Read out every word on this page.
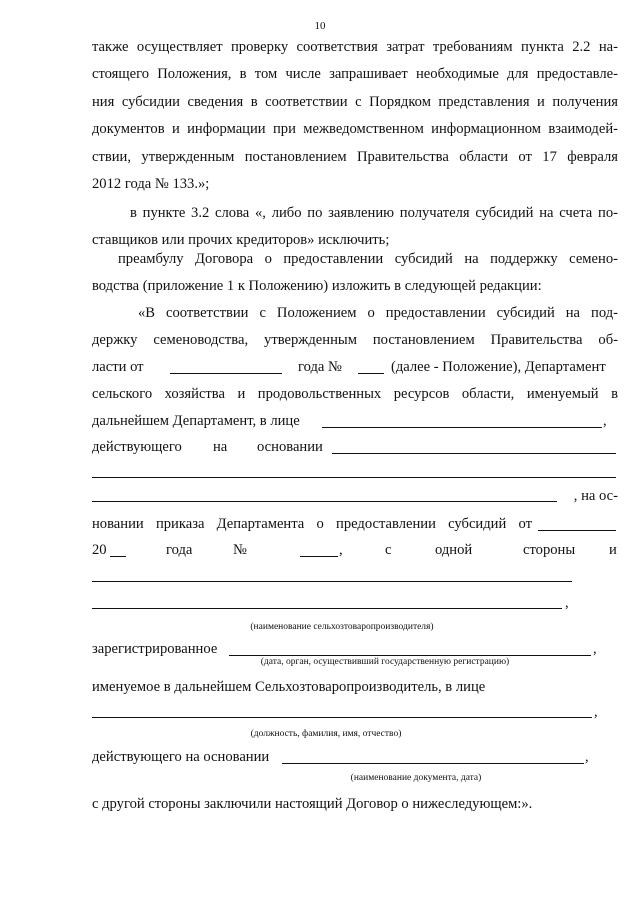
10
также осуществляет проверку соответствия затрат требованиям пункта 2.2 на-
стоящего Положения, в том числе запрашивает необходимые для предоставле-
ния субсидии сведения в соответствии с Порядком представления и получения
документов и информации при межведомственном информационном взаимодей-
ствии, утвержденным постановлением Правительства области от 17 февраля
2012 года № 133.»;
в пункте 3.2 слова «, либо по заявлению получателя субсидий на счета по-
ставщиков или прочих кредиторов» исключить;
преамбулу Договора о предоставлении субсидий на поддержку семено-
водства (приложение 1 к Положению) изложить в следующей редакции:
«В соответствии с Положением о предоставлении субсидий на под-
держку семеноводства, утвержденным постановлением Правительства об-
ласти от	года №	(далее - Положение), Департамент
сельского хозяйства и продовольственных ресурсов области, именуемый в
дальнейшем Департамент, в лице	,
действующего на основании
, на ос-
новании приказа Департамента о предоставлении субсидий от
20	года	№	,	с	одной	стороны и
,
(наименование сельхозтоваропроизводителя)
зарегистрированное	,
(дата, орган, осуществивший государственную регистрацию)
именуемое в дальнейшем Сельхозтоваропроизводитель, в лице
,
(должность, фамилия, имя, отчество)
действующего на основании	,
(наименование документа, дата)
с другой стороны заключили настоящий Договор о нижеследующем:».
